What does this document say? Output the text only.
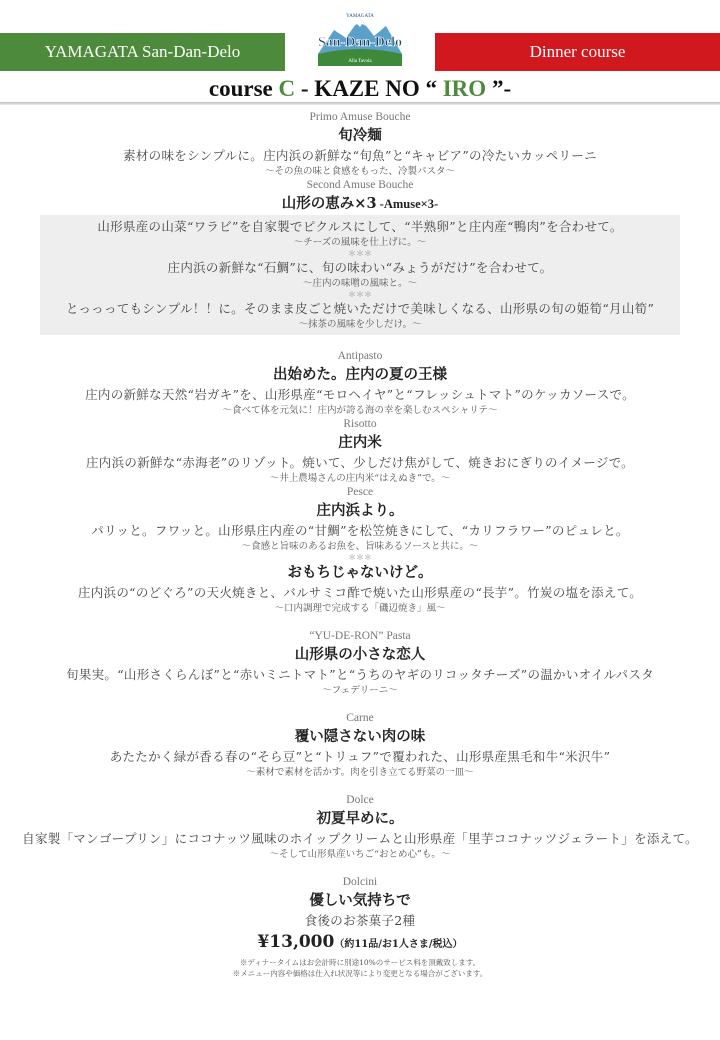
YAMAGATA San-Dan-Delo
YAMAGATA
San-Dan-Delo
Alla Tavola
Dinner course
course C - KAZE NO “ IRO ”-
Primo Amuse Bouche
旬冷麺
素材の味をシンプルに。庄内浜の新鮮な“旬魚”と“キャビア”の冷たいカッペリーニ
～その魚の味と食感をもった、冷製パスタ～
Second Amuse Bouche
山形の恵み×3 -Amuse×3-
山形県産の山菜“ワラビ”を自家製でピクルスにして、“半熟卵”と庄内産“鴨肉”を合わせて。
～チーズの風味を仕上げに。～
＊＊＊
庄内浜の新鮮な“石鯛”に、旬の味わい“みょうがだけ”を合わせて。
～庄内の味噌の風味と。～
＊＊＊
とっっってもシンプル！！に。そのまま皮ごと焼いただけで美味しくなる、山形県の旬の姫筍“月山筍”
～抹茶の風味を少しだけ。～
Antipasto
出始めた。庄内の夏の王様
庄内の新鮮な天然“岩ガキ”を、山形県産“モロヘイヤ”と“フレッシュトマト”のケッカソースで。
～食べて体を元気に！庄内が誇る海の幸を楽しむスペシャリテ～
Risotto
庄内米
庄内浜の新鮮な“赤海老”のリゾット。焼いて、少しだけ焦がして、焼きおにぎりのイメージで。
～井上農場さんの庄内米“はえぬき”で。～
Pesce
庄内浜より。
パリッと。フワッと。山形県庄内産の“甘鯛”を松笠焼きにして、“カリフラワー”のピュレと。
～食感と旨味のあるお魚を、旨味あるソースと共に。～
＊＊＊
おもちじゃないけど。
庄内浜の“のどぐろ”の天火焼きと、バルサミコ酢で焼いた山形県産の“長芋”。竹炭の塩を添えて。
～口内調理で完成する「磯辺焼き」風～
“YU-DE-RON” Pasta
山形県の小さな恋人
旬果実。“山形さくらんぼ”と“赤いミニトマト”と“うちのヤギのリコッタチーズ”の温かいオイルパスタ
～フェデリーニ～
Carne
覆い隠さない肉の味
あたたかく緑が香る春の“そら豆”と“トリュフ”で覆われた、山形県産黒毛和牛“米沢牛”
～素材で素材を活かす。肉を引き立てる野菜の一皿～
Dolce
初夏早めに。
自家製「マンゴープリン」にココナッツ風味のホイップクリームと山形県産「里芋ココナッツジェラート」を添えて。
～そして山形県産いちご“おとめ心”も。～
Dolcini
優しい気持ちで
食後のお茶菓子2種
¥13,000（約11品/お1人さま/税込）
※ディナータイムはお会計時に別途10%のサービス料を頂戴致します。
※メニュー内容や価格は仕入れ状況等により変更となる場合がございます。
